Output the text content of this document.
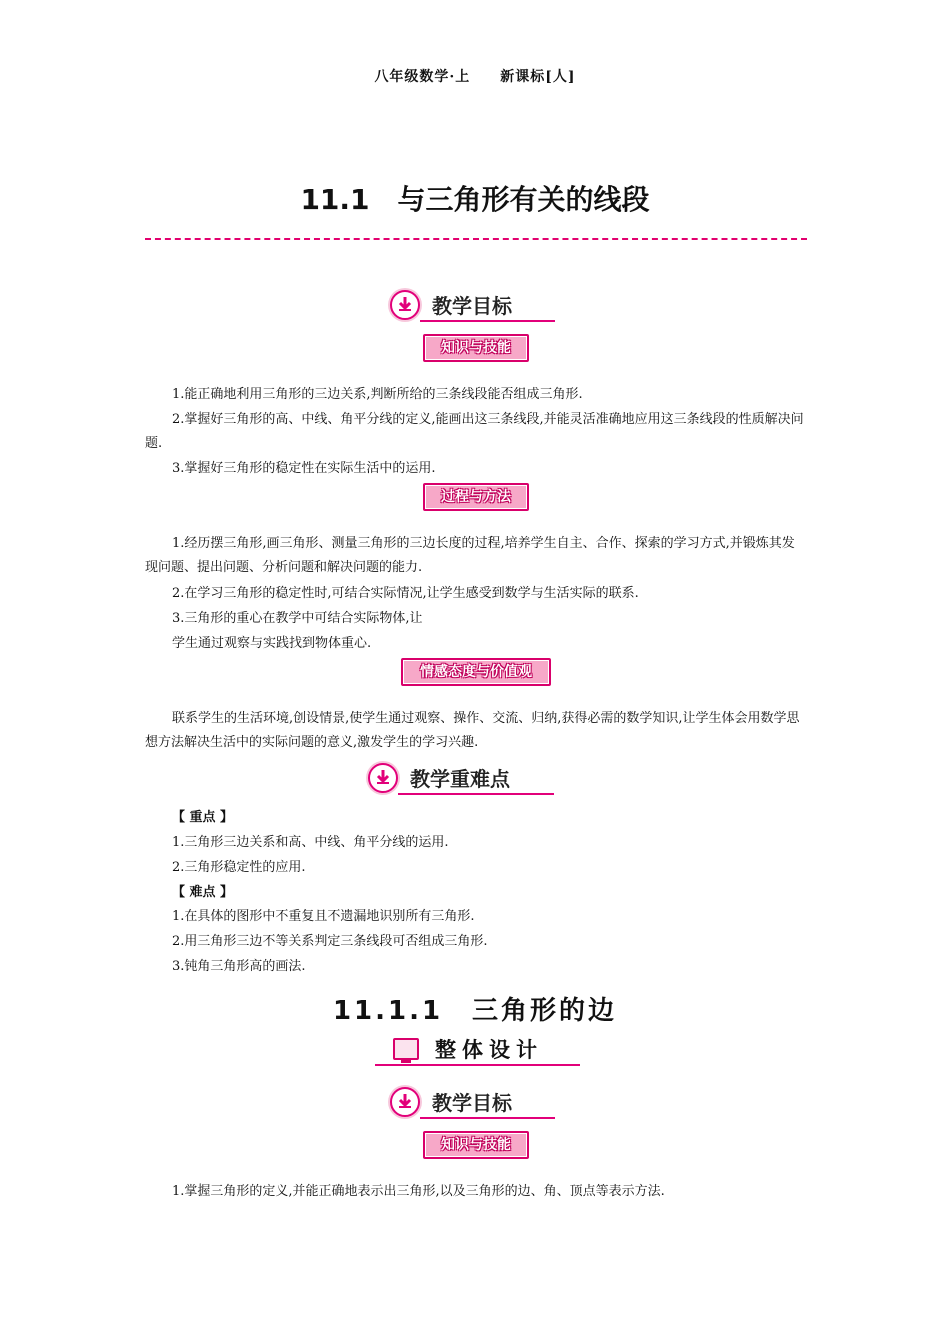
八年级数学·上　　新课标[人]
11.1　与三角形有关的线段
教学目标
知识与技能
1.能正确地利用三角形的三边关系,判断所给的三条线段能否组成三角形.
2.掌握好三角形的高、中线、角平分线的定义,能画出这三条线段,并能灵活准确地应用这三条线段的性质解决问题.
3.掌握好三角形的稳定性在实际生活中的运用.
过程与方法
1.经历摆三角形,画三角形、测量三角形的三边长度的过程,培养学生自主、合作、探索的学习方式,并锻炼其发现问题、提出问题、分析问题和解决问题的能力.
2.在学习三角形的稳定性时,可结合实际情况,让学生感受到数学与生活实际的联系.
3.三角形的重心在教学中可结合实际物体,让
学生通过观察与实践找到物体重心.
情感态度与价值观
联系学生的生活环境,创设情景,使学生通过观察、操作、交流、归纳,获得必需的数学知识,让学生体会用数学思想方法解决生活中的实际问题的意义,激发学生的学习兴趣.
教学重难点
【 重点 】
1.三角形三边关系和高、中线、角平分线的运用.
2.三角形稳定性的应用.
【 难点 】
1.在具体的图形中不重复且不遗漏地识别所有三角形.
2.用三角形三边不等关系判定三条线段可否组成三角形.
3.钝角三角形高的画法.
11.1.1　三角形的边
整体设计
教学目标
知识与技能
1.掌握三角形的定义,并能正确地表示出三角形,以及三角形的边、角、顶点等表示方法.
